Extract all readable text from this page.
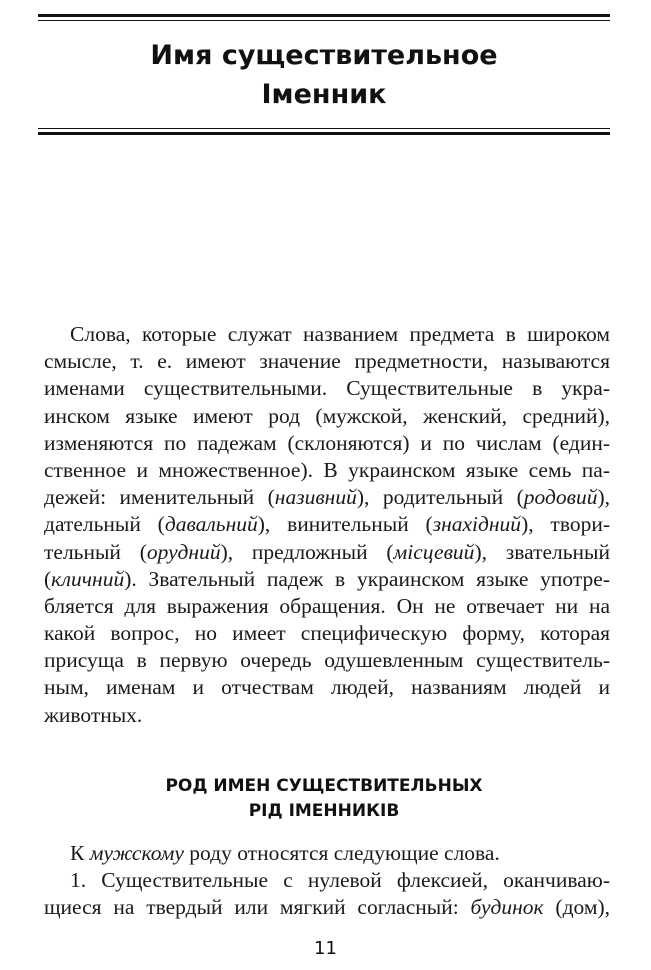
Имя существительное
Іменник
Слова, которые служат названием предмета в широком
смысле, т. е. имеют значение предметности, называются
именами существительными. Существительные в укра-
инском языке имеют род (мужской, женский, средний),
изменяются по падежам (склоняются) и по числам (един-
ственное и множественное). В украинском языке семь па-
дежей: именительный (називний), родительный (родовий),
дательный (давальний), винительный (знахідний), твори-
тельный (орудний), предложный (місцевий), звательный
(кличний). Звательный падеж в украинском языке употре-
бляется для выражения обращения. Он не отвечает ни на
какой вопрос, но имеет специфическую форму, которая
присуща в первую очередь одушевленным существитель-
ным, именам и отчествам людей, названиям людей и
животных.
РОД ИМЕН СУЩЕСТВИТЕЛЬНЫХ
РІД ІМЕННИКІВ
К мужскому роду относятся следующие слова.
1. Существительные с нулевой флексией, оканчиваю-
щиеся на твердый или мягкий согласный: будинок (дом),
11
